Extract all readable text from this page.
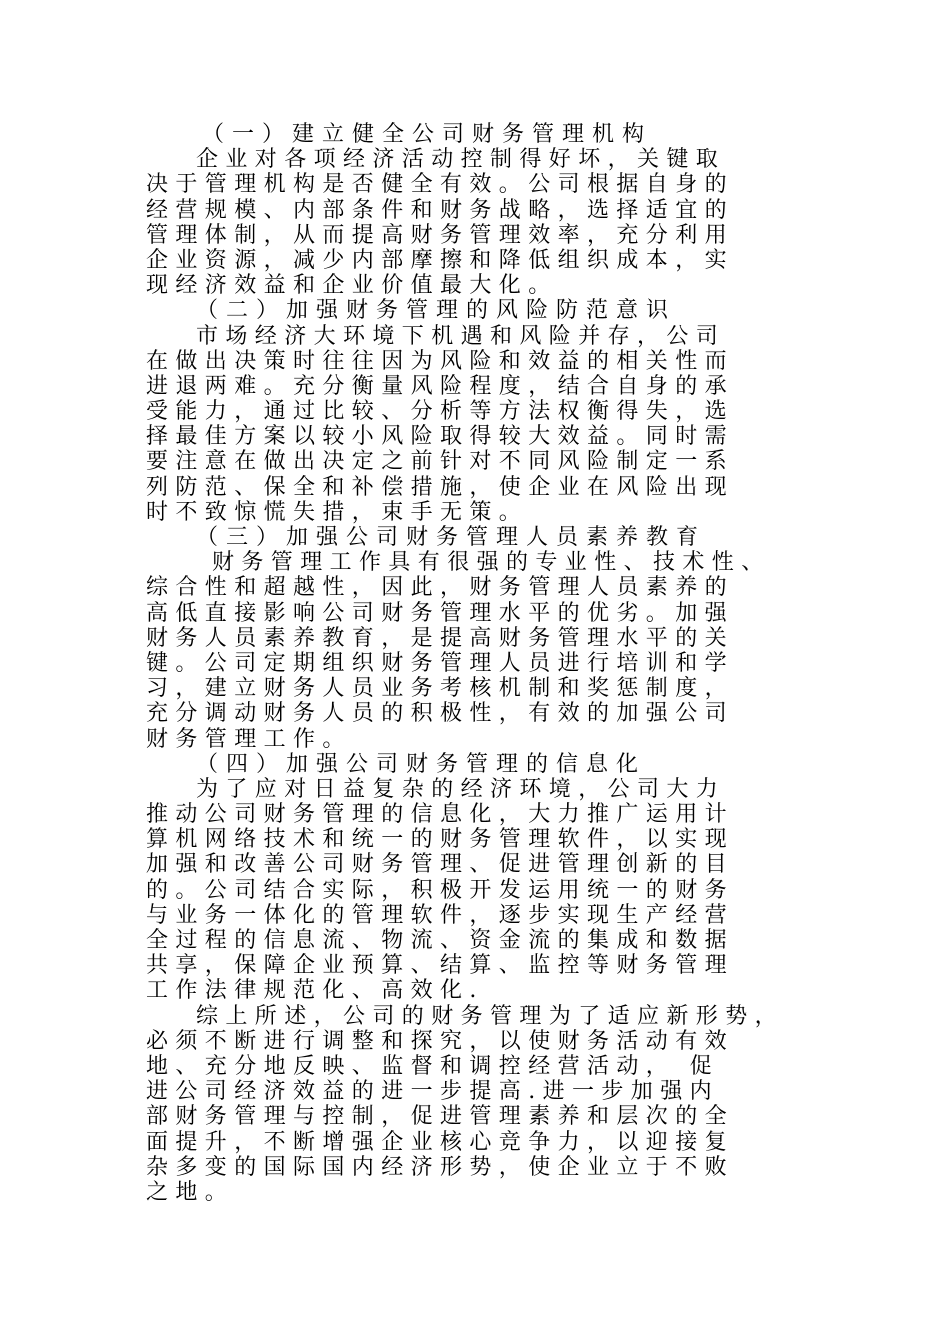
（一）建立健全公司财务管理机构
企业对各项经济活动控制得好坏，关键取
决于管理机构是否健全有效。公司根据自身的
经营规模、内部条件和财务战略，选择适宜的
管理体制，从而提高财务管理效率，充分利用
企业资源，减少内部摩擦和降低组织成本，实
现经济效益和企业价值最大化。
（二）加强财务管理的风险防范意识
市场经济大环境下机遇和风险并存，公司
在做出决策时往往因为风险和效益的相关性而
进退两难。充分衡量风险程度，结合自身的承
受能力，通过比较、分析等方法权衡得失，选
择最佳方案以较小风险取得较大效益。同时需
要注意在做出决定之前针对不同风险制定一系
列防范、保全和补偿措施，使企业在风险出现
时不致惊慌失措，束手无策。
（三）加强公司财务管理人员素养教育
财务管理工作具有很强的专业性、技术性、
综合性和超越性，因此，财务管理人员素养的
高低直接影响公司财务管理水平的优劣。加强
财务人员素养教育，是提高财务管理水平的关
键。公司定期组织财务管理人员进行培训和学
习，建立财务人员业务考核机制和奖惩制度，
充分调动财务人员的积极性，有效的加强公司
财务管理工作。
（四）加强公司财务管理的信息化
为了应对日益复杂的经济环境，公司大力
推动公司财务管理的信息化，大力推广运用计
算机网络技术和统一的财务管理软件，以实现
加强和改善公司财务管理、促进管理创新的目
的。公司结合实际，积极开发运用统一的财务
与业务一体化的管理软件，逐步实现生产经营
全过程的信息流、物流、资金流的集成和数据
共享，保障企业预算、结算、监控等财务管理
工作法律规范化、高效化.
综上所述，公司的财务管理为了适应新形势，
必须不断进行调整和探究，以使财务活动有效
地、充分地反映、监督和调控经营活动， 促
进公司经济效益的进一步提高.进一步加强内
部财务管理与控制，促进管理素养和层次的全
面提升，不断增强企业核心竞争力，以迎接复
杂多变的国际国内经济形势，使企业立于不败
之地。
